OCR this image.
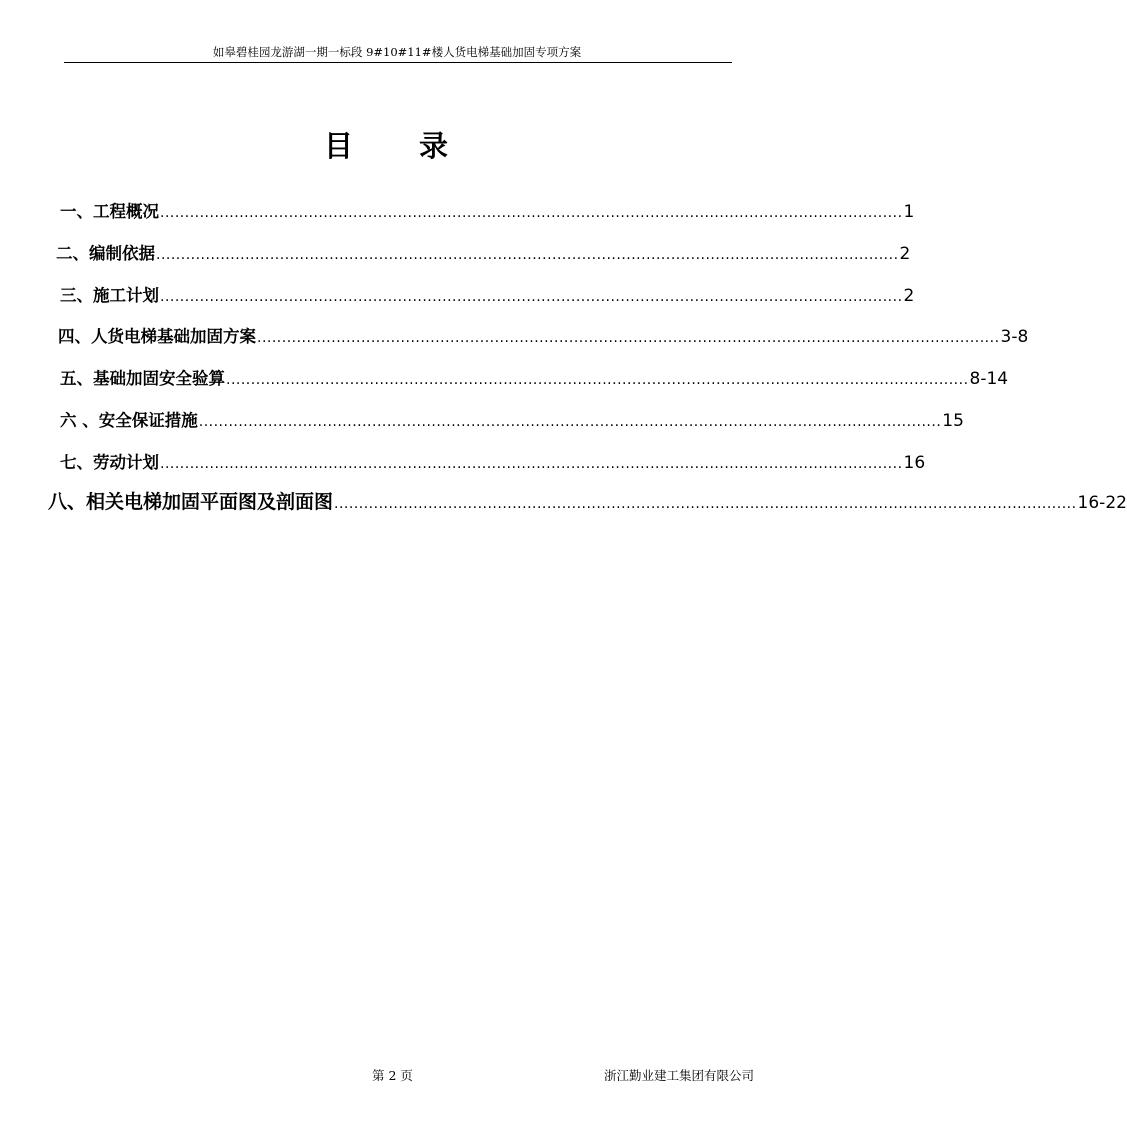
如皋碧桂园龙游湖一期一标段 9#10#11#楼人货电梯基础加固专项方案
目 录
一、工程概况 ...................................................................................................................................................... 1
二、编制依据 ...................................................................................................................................................... 2
三、施工计划 ...................................................................................................................................................... 2
四、人货电梯基础加固方案 ...................................................................................................................................................... 3-8
五、基础加固安全验算 ...................................................................................................................................................... 8-14
六 、安全保证措施 ...................................................................................................................................................... 15
七、劳动计划 ...................................................................................................................................................... 16
八、相关电梯加固平面图及剖面图 ...................................................................................................................................................... 16-22
第 2 页	浙江勤业建工集团有限公司
